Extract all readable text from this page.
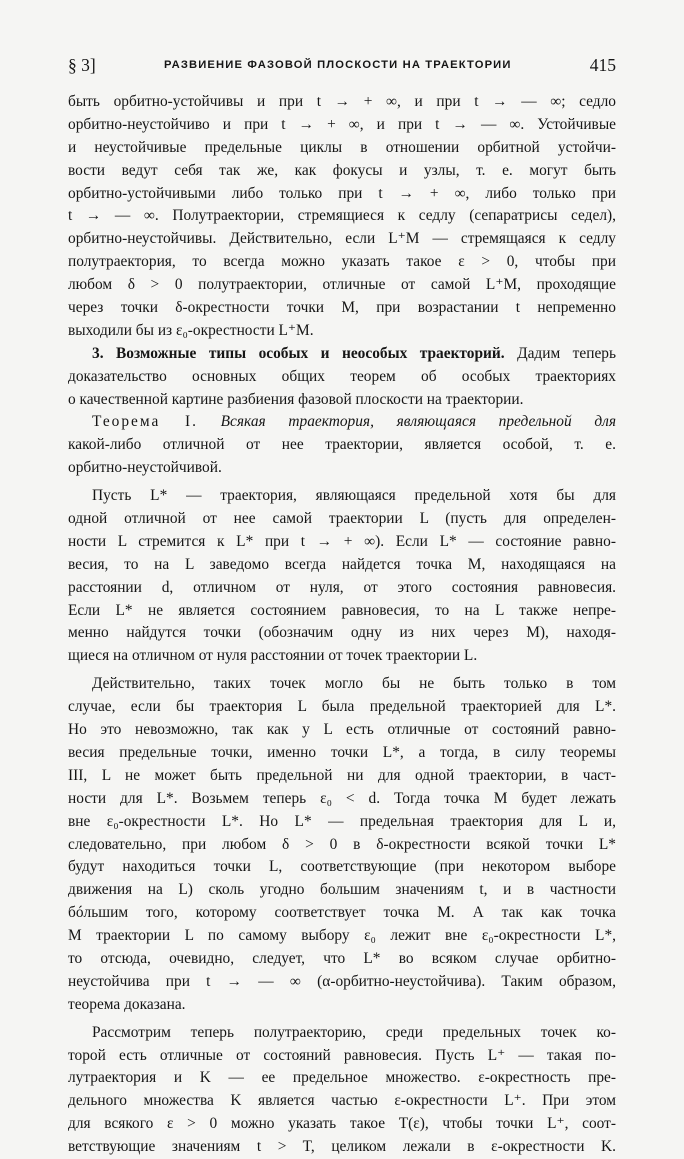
§ 3]	РАЗВИЕНИЕ ФАЗОВОЙ ПЛОСКОСТИ НА ТРАЕКТОРИИ	415
быть орбитно-устойчивы и при t → + ∞, и при t → — ∞; седло
орбитно-неустойчиво и при t → + ∞, и при t → — ∞. Устойчивые
и неустойчивые предельные циклы в отношении орбитной устойчи-
вости ведут себя так же, как фокусы и узлы, т. е. могут быть
орбитно-устойчивыми либо только при t → + ∞, либо только при
t → — ∞. Полутраектории, стремящиеся к седлу (сепаратрисы седел),
орбитно-неустойчивы. Действительно, если L⁺M — стремящаяся к седлу
полутраектория, то всегда можно указать такое ε > 0, чтобы при
любом δ > 0 полутраектории, отличные от самой L⁺M, проходящие
через точки δ-окрестности точки M, при возрастании t непременно
выходили бы из ε₀-окрестности L⁺M.
3. Возможные типы особых и неособых траекторий. Дадим теперь
доказательство основных общих теорем об особых траекториях
о качественной картине разбиения фазовой плоскости на траектории.
Теорема I. Всякая траектория, являющаяся предельной для
какой-либо отличной от нее траектории, является особой, т. е.
орбитно-неустойчивой.
Пусть L* — траектория, являющаяся предельной хотя бы для
одной отличной от нее самой траектории L (пусть для определен-
ности L стремится к L* при t → + ∞). Если L* — состояние равно-
весия, то на L заведомо всегда найдется точка M, находящаяся на
расстоянии d, отличном от нуля, от этого состояния равновесия.
Если L* не является состоянием равновесия, то на L также непре-
менно найдутся точки (обозначим одну из них через M), находя-
щиеся на отличном от нуля расстоянии от точек траектории L.
Действительно, таких точек могло бы не быть только в том
случае, если бы траектория L была предельной траекторией для L*.
Но это невозможно, так как у L есть отличные от состояний равно-
весия предельные точки, именно точки L*, а тогда, в силу теоремы
III, L не может быть предельной ни для одной траектории, в част-
ности для L*. Возьмем теперь ε₀ < d. Тогда точка M будет лежать
вне ε₀-окрестности L*. Но L* — предельная траектория для L и,
следовательно, при любом δ > 0 в δ-окрестности всякой точки L*
будут находиться точки L, соответствующие (при некотором выборе
движения на L) сколь угодно большим значениям t, и в частности
бóльшим того, которому соответствует точка M. А так как точка
M траектории L по самому выбору ε₀ лежит вне ε₀-окрестности L*,
то отсюда, очевидно, следует, что L* во всяком случае орбитно-
неустойчива при t → — ∞ (α-орбитно-неустойчива). Таким образом,
теорема доказана.
Рассмотрим теперь полутраекторию, среди предельных точек ко-
торой есть отличные от состояний равновесия. Пусть L⁺ — такая по-
лутраектория и K — ее предельное множество. ε-окрестность пре-
дельного множества K является частью ε-окрестности L⁺. При этом
для всякого ε > 0 можно указать такое T(ε), чтобы точки L⁺, соот-
ветствующие значениям t > T, целиком лежали в ε-окрестности K.
